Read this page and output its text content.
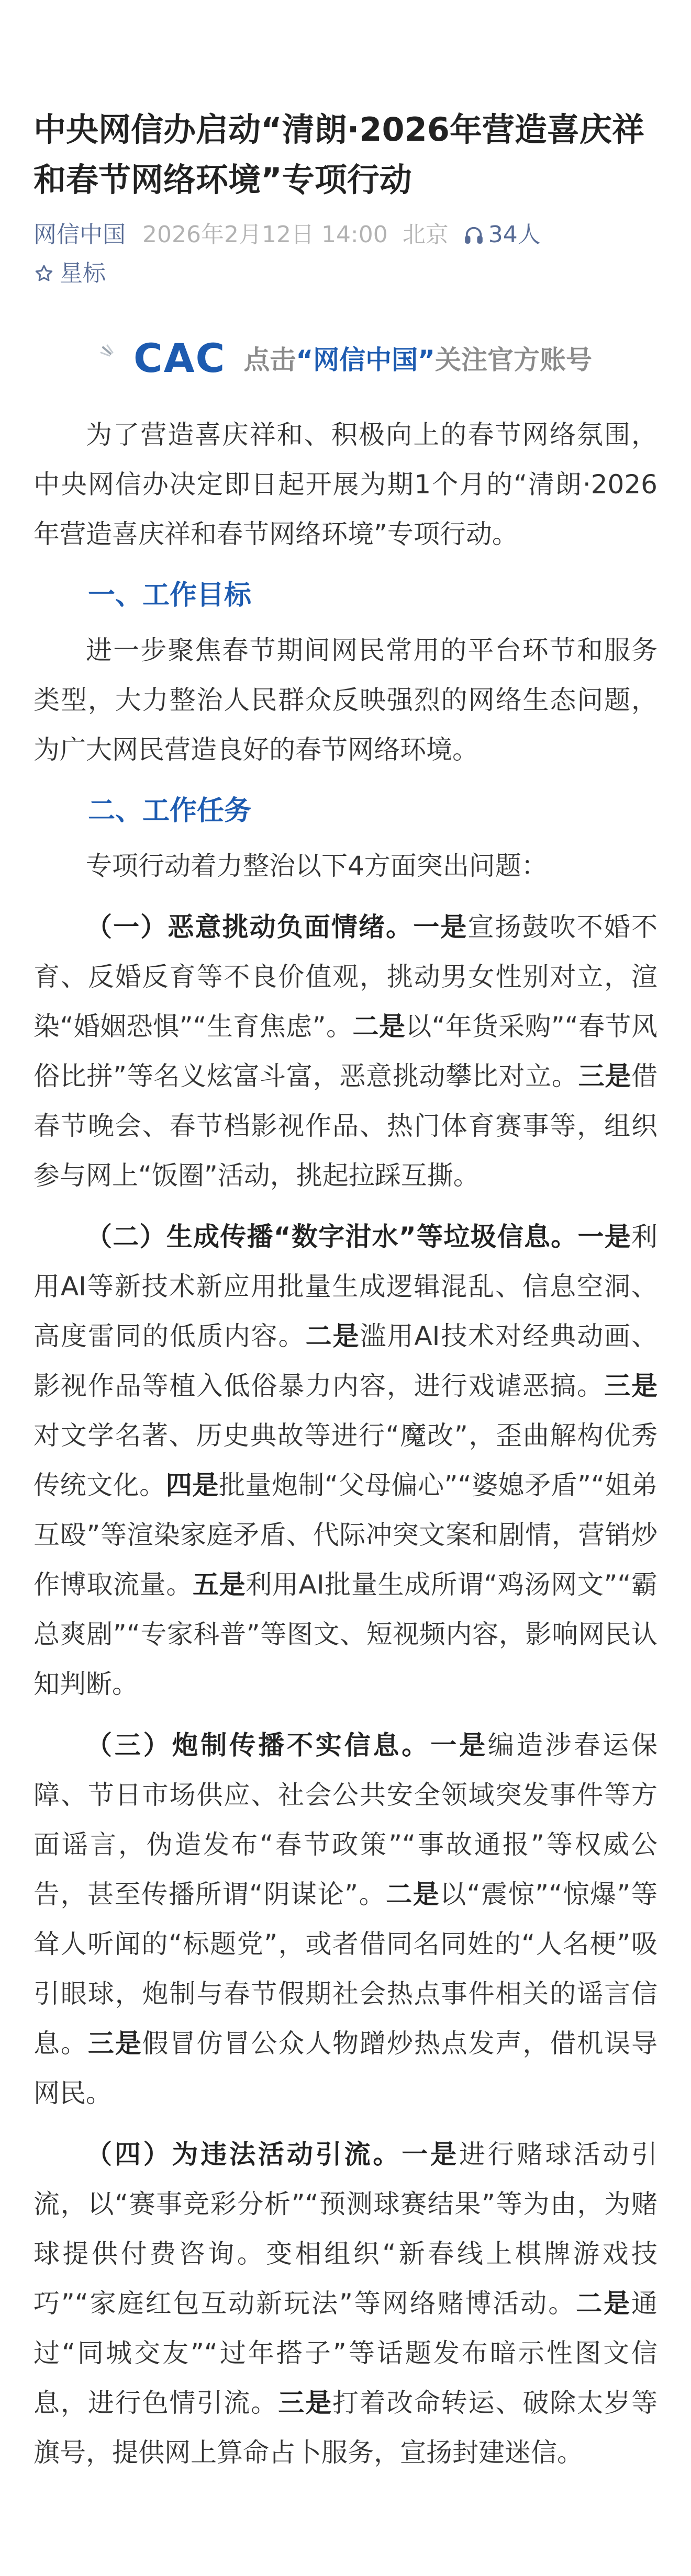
中央网信办启动“清朗·2026年营造喜庆祥和春节网络环境”专项行动
网信中国 2026年2月12日 14:00 北京 34人
星标
CAC 点击“网信中国”关注官方账号

为了营造喜庆祥和、积极向上的春节网络氛围，中央网信办决定即日起开展为期1个月的“清朗·2026年营造喜庆祥和春节网络环境”专项行动。

一、工作目标

进一步聚焦春节期间网民常用的平台环节和服务类型，大力整治人民群众反映强烈的网络生态问题，为广大网民营造良好的春节网络环境。

二、工作任务

专项行动着力整治以下4方面突出问题：

（一）恶意挑动负面情绪。一是宣扬鼓吹不婚不育、反婚反育等不良价值观，挑动男女性别对立，渲染“婚姻恐惧”“生育焦虑”。二是以“年货采购”“春节风俗比拼”等名义炫富斗富，恶意挑动攀比对立。三是借春节晚会、春节档影视作品、热门体育赛事等，组织参与网上“饭圈”活动，挑起拉踩互撕。

（二）生成传播“数字泔水”等垃圾信息。一是利用AI等新技术新应用批量生成逻辑混乱、信息空洞、高度雷同的低质内容。二是滥用AI技术对经典动画、影视作品等植入低俗暴力内容，进行戏谑恶搞。三是对文学名著、历史典故等进行“魔改”，歪曲解构优秀传统文化。四是批量炮制“父母偏心”“婆媳矛盾”“姐弟互殴”等渲染家庭矛盾、代际冲突文案和剧情，营销炒作博取流量。五是利用AI批量生成所谓“鸡汤网文”“霸总爽剧”“专家科普”等图文、短视频内容，影响网民认知判断。

（三）炮制传播不实信息。一是编造涉春运保障、节日市场供应、社会公共安全领域突发事件等方面谣言，伪造发布“春节政策”“事故通报”等权威公告，甚至传播所谓“阴谋论”。二是以“震惊”“惊爆”等耸人听闻的“标题党”，或者借同名同姓的“人名梗”吸引眼球，炮制与春节假期社会热点事件相关的谣言信息。三是假冒仿冒公众人物蹭炒热点发声，借机误导网民。

（四）为违法活动引流。一是进行赌球活动引流，以“赛事竞彩分析”“预测球赛结果”等为由，为赌球提供付费咨询。变相组织“新春线上棋牌游戏技巧”“家庭红包互动新玩法”等网络赌博活动。二是通过“同城交友”“过年搭子”等话题发布暗示性图文信息，进行色情引流。三是打着改命转运、破除太岁等旗号，提供网上算命占卜服务，宣扬封建迷信。
